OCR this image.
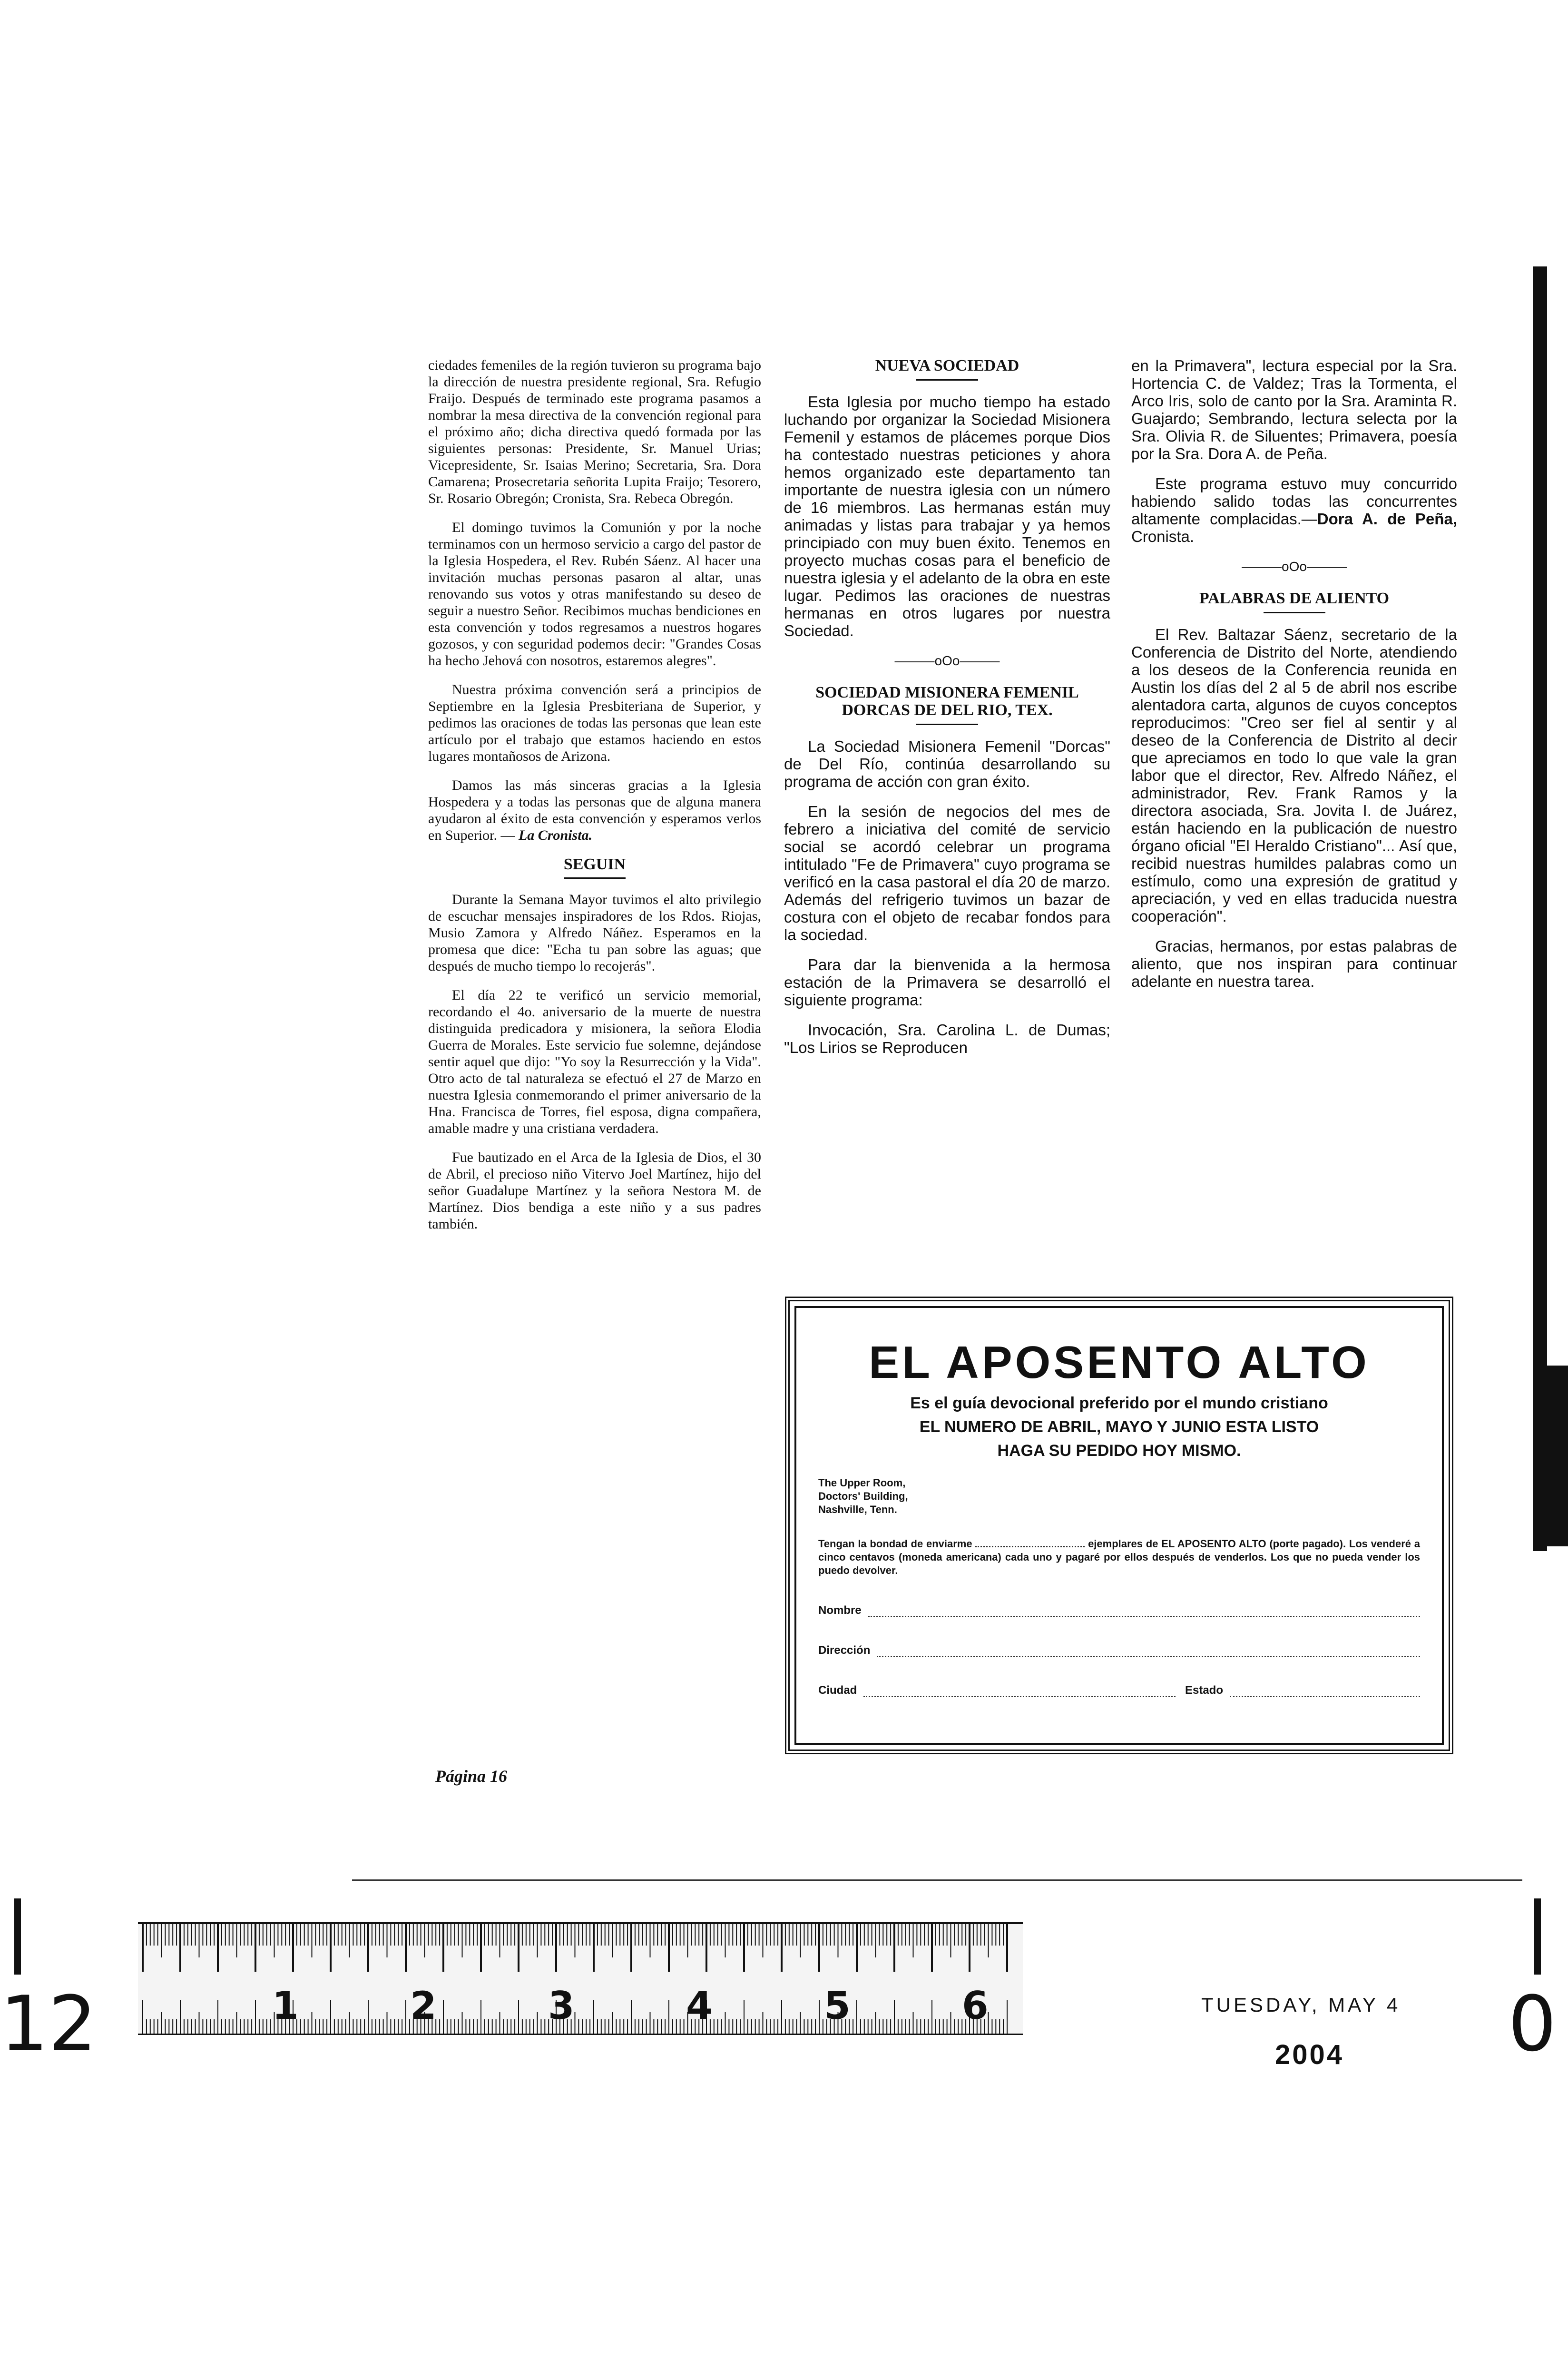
ciedades femeniles de la región tuvieron su programa bajo la dirección de nuestra presidente regional, Sra. Refugio Fraijo. Después de terminado este programa pasamos a nombrar la mesa directiva de la convención regional para el próximo año; dicha directiva quedó formada por las siguientes personas: Presidente, Sr. Manuel Urias; Vicepresidente, Sr. Isaias Merino; Secretaria, Sra. Dora Camarena; Prosecretaria señorita Lupita Fraijo; Tesorero, Sr. Rosario Obregón; Cronista, Sra. Rebeca Obregón.

El domingo tuvimos la Comunión y por la noche terminamos con un hermoso servicio a cargo del pastor de la Iglesia Hospedera, el Rev. Rubén Sáenz. Al hacer una invitación muchas personas pasaron al altar, unas renovando sus votos y otras manifestando su deseo de seguir a nuestro Señor. Recibimos muchas bendiciones en esta convención y todos regresamos a nuestros hogares gozosos, y con seguridad podemos decir: "Grandes Cosas ha hecho Jehová con nosotros, estaremos alegres".

Nuestra próxima convención será a principios de Septiembre en la Iglesia Presbiteriana de Superior, y pedimos las oraciones de todas las personas que lean este artículo por el trabajo que estamos haciendo en estos lugares montañosos de Arizona.

Damos las más sinceras gracias a la Iglesia Hospedera y a todas las personas que de alguna manera ayudaron al éxito de esta convención y esperamos verlos en Superior. — La Cronista.

SEGUIN

Durante la Semana Mayor tuvimos el alto privilegio de escuchar mensajes inspiradores de los Rdos. Riojas, Musio Zamora y Alfredo Náñez. Esperamos en la promesa que dice: "Echa tu pan sobre las aguas; que después de mucho tiempo lo recojerás".

El día 22 te verificó un servicio memorial, recordando el 4o. aniversario de la muerte de nuestra distinguida predicadora y misionera, la señora Elodia Guerra de Morales. Este servicio fue solemne, dejándose sentir aquel que dijo: "Yo soy la Resurrección y la Vida". Otro acto de tal naturaleza se efectuó el 27 de Marzo en nuestra Iglesia conmemorando el primer aniversario de la Hna. Francisca de Torres, fiel esposa, digna compañera, amable madre y una cristiana verdadera.

Fue bautizado en el Arca de la Iglesia de Dios, el 30 de Abril, el precioso niño Vitervo Joel Martínez, hijo del señor Guadalupe Martínez y la señora Nestora M. de Martínez. Dios bendiga a este niño y a sus padres también.

NUEVA SOCIEDAD

Esta Iglesia por mucho tiempo ha estado luchando por organizar la Sociedad Misionera Femenil y estamos de plácemes porque Dios ha contestado nuestras peticiones y ahora hemos organizado este departamento tan importante de nuestra iglesia con un número de 16 miembros. Las hermanas están muy animadas y listas para trabajar y ya hemos principiado con muy buen éxito. Tenemos en proyecto muchas cosas para el beneficio de nuestra iglesia y el adelanto de la obra en este lugar. Pedimos las oraciones de nuestras hermanas en otros lugares por nuestra Sociedad.

———oOo———
SOCIEDAD MISIONERA FEMENIL
DORCAS DE DEL RIO, TEX.

La Sociedad Misionera Femenil "Dorcas" de Del Río, continúa desarrollando su programa de acción con gran éxito.

En la sesión de negocios del mes de febrero a iniciativa del comité de servicio social se acordó celebrar un programa intitulado "Fe de Primavera" cuyo programa se verificó en la casa pastoral el día 20 de marzo. Además del refrigerio tuvimos un bazar de costura con el objeto de recabar fondos para la sociedad.

Para dar la bienvenida a la hermosa estación de la Primavera se desarrolló el siguiente programa:

Invocación, Sra. Carolina L. de Dumas; "Los Lirios se Reproducen

en la Primavera", lectura especial por la Sra. Hortencia C. de Valdez; Tras la Tormenta, el Arco Iris, solo de canto por la Sra. Araminta R. Guajardo; Sembrando, lectura selecta por la Sra. Olivia R. de Siluentes; Primavera, poesía por la Sra. Dora A. de Peña.

Este programa estuvo muy concurrido habiendo salido todas las concurrentes altamente complacidas.—Dora A. de Peña, Cronista.

———oOo———
PALABRAS DE ALIENTO

El Rev. Baltazar Sáenz, secretario de la Conferencia de Distrito del Norte, atendiendo a los deseos de la Conferencia reunida en Austin los días del 2 al 5 de abril nos escribe alentadora carta, algunos de cuyos conceptos reproducimos: "Creo ser fiel al sentir y al deseo de la Conferencia de Distrito al decir que apreciamos en todo lo que vale la gran labor que el director, Rev. Alfredo Náñez, el administrador, Rev. Frank Ramos y la directora asociada, Sra. Jovita I. de Juárez, están haciendo en la publicación de nuestro órgano oficial "El Heraldo Cristiano"... Así que, recibid nuestras humildes palabras como un estímulo, como una expresión de gratitud y apreciación, y ved en ellas traducida nuestra cooperación".

Gracias, hermanos, por estas palabras de aliento, que nos inspiran para continuar adelante en nuestra tarea.

EL APOSENTO ALTO
Es el guía devocional preferido por el mundo cristiano
EL NUMERO DE ABRIL, MAYO Y JUNIO ESTA LISTO
HAGA SU PEDIDO HOY MISMO.
The Upper Room,
Doctors' Building,
Nashville, Tenn.
Tengan la bondad de enviarme	ejemplares de EL APOSENTO ALTO (porte pagado). Los venderé a cinco centavos (moneda americana) cada uno y pagaré por ellos después de venderlos. Los que no pueda vender los puedo devolver.
Nombre
Dirección
Ciudad	Estado
Página 16
12	0
1	2	3	4	5	6	TUESDAY, MAY 4
2004
